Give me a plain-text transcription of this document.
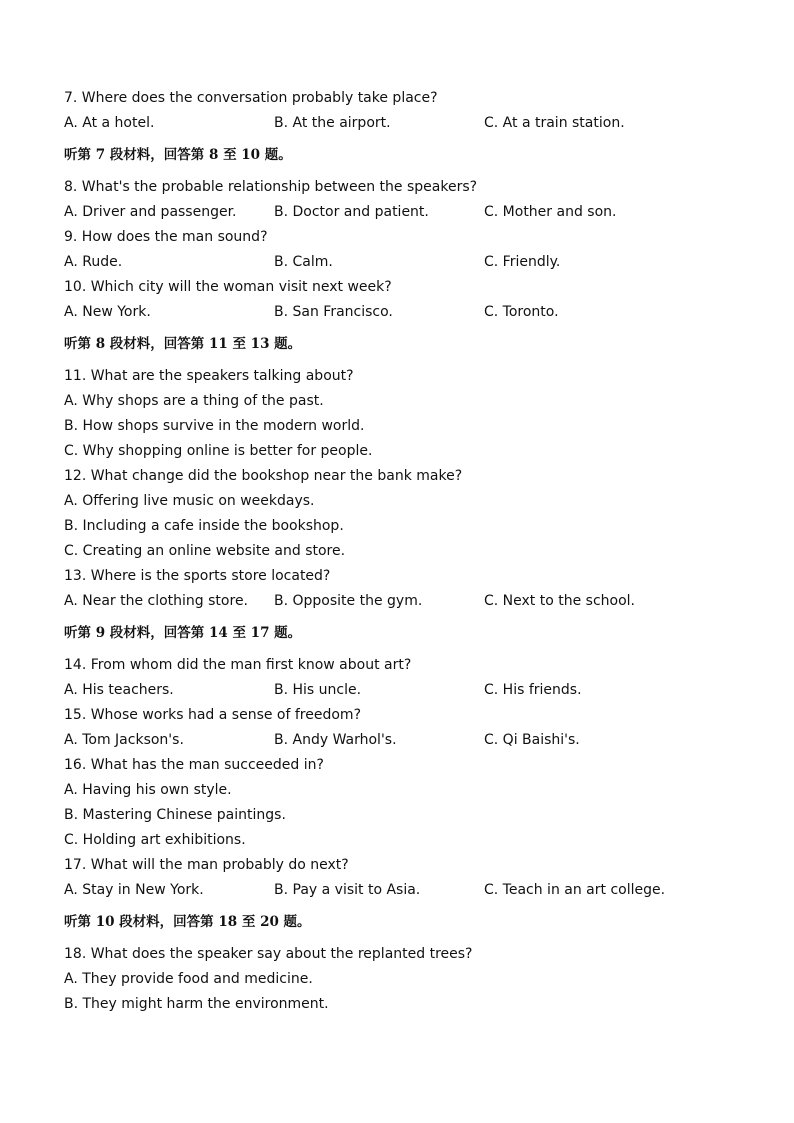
7. Where does the conversation probably take place?
A. At a hotel.	B. At the airport.	C. At a train station.
听第 7 段材料，回答第 8 至 10 题。
8. What's the probable relationship between the speakers?
A. Driver and passenger.	B. Doctor and patient.	C. Mother and son.
9. How does the man sound?
A. Rude.	B. Calm.	C. Friendly.
10. Which city will the woman visit next week?
A. New York.	B. San Francisco.	C. Toronto.
听第 8 段材料，回答第 11 至 13 题。
11. What are the speakers talking about?
A. Why shops are a thing of the past.
B. How shops survive in the modern world.
C. Why shopping online is better for people.
12. What change did the bookshop near the bank make?
A. Offering live music on weekdays.
B. Including a cafe inside the bookshop.
C. Creating an online website and store.
13. Where is the sports store located?
A. Near the clothing store. B. Opposite the gym.	C. Next to the school.
听第 9 段材料，回答第 14 至 17 题。
14. From whom did the man first know about art?
A. His teachers.	B. His uncle.	C. His friends.
15. Whose works had a sense of freedom?
A. Tom Jackson's.	B. Andy Warhol's.	C. Qi Baishi's.
16. What has the man succeeded in?
A. Having his own style.
B. Mastering Chinese paintings.
C. Holding art exhibitions.
17. What will the man probably do next?
A. Stay in New York.	B. Pay a visit to Asia.	C. Teach in an art college.
听第 10 段材料，回答第 18 至 20 题。
18. What does the speaker say about the replanted trees?
A. They provide food and medicine.
B. They might harm the environment.
